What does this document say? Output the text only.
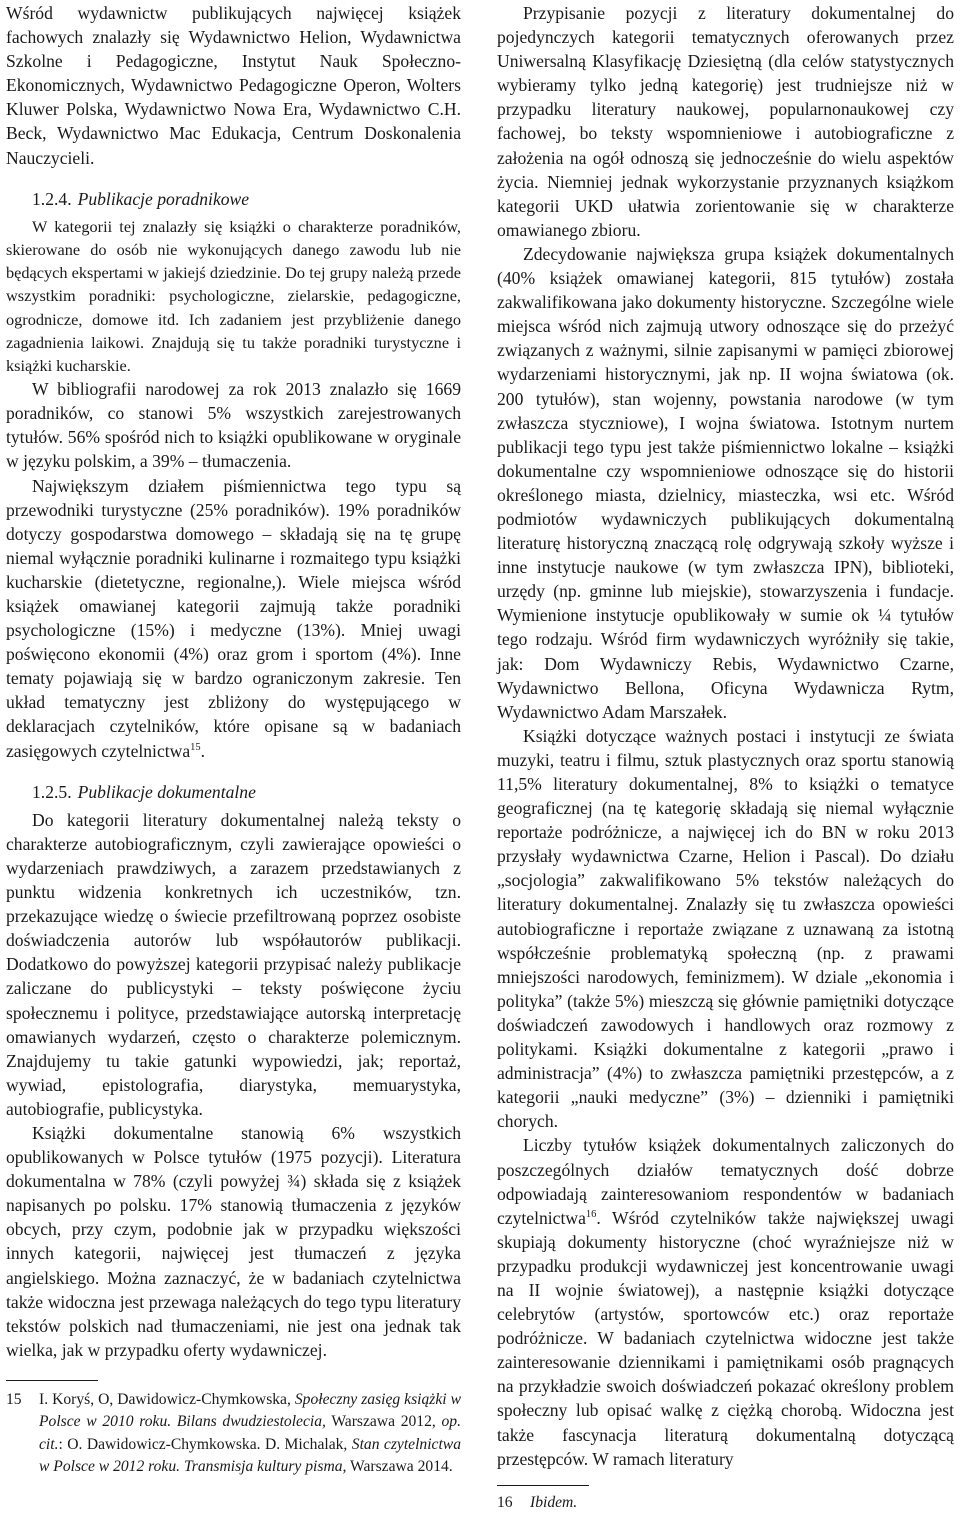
Wśród wydawnictw publikujących najwięcej książek fachowych znalazły się Wydawnictwo Helion, Wydawnictwa Szkolne i Pedagogiczne, Instytut Nauk Społeczno-Ekonomicznych, Wydawnictwo Pedagogiczne Operon, Wolters Kluwer Polska, Wydawnictwo Nowa Era, Wydawnictwo C.H. Beck, Wydawnictwo Mac Edukacja, Centrum Doskonalenia Nauczycieli.

1.2.4. Publikacje poradnikowe

W kategorii tej znalazły się książki o charakterze poradników, skierowane do osób nie wykonujących danego zawodu lub nie będących ekspertami w jakiejś dziedzinie. Do tej grupy należą przede wszystkim poradniki: psychologiczne, zielarskie, pedagogiczne, ogrodnicze, domowe itd. Ich zadaniem jest przybliżenie danego zagadnienia laikowi. Znajdują się tu także poradniki turystyczne i książki kucharskie.

W bibliografii narodowej za rok 2013 znalazło się 1669 poradników, co stanowi 5% wszystkich zarejestrowanych tytułów. 56% spośród nich to książki opublikowane w oryginale w języku polskim, a 39% – tłumaczenia.

Największym działem piśmiennictwa tego typu są przewodniki turystyczne (25% poradników). 19% poradników dotyczy gospodarstwa domowego – składają się na tę grupę niemal wyłącznie poradniki kulinarne i rozmaitego typu książki kucharskie (dietetyczne, regionalne,). Wiele miejsca wśród książek omawianej kategorii zajmują także poradniki psychologiczne (15%) i medyczne (13%). Mniej uwagi poświęcono ekonomii (4%) oraz grom i sportom (4%). Inne tematy pojawiają się w bardzo ograniczonym zakresie. Ten układ tematyczny jest zbliżony do występującego w deklaracjach czytelników, które opisane są w badaniach zasięgowych czytelnictwa$^{15}$.

1.2.5. Publikacje dokumentalne

Do kategorii literatury dokumentalnej należą teksty o charakterze autobiograficznym, czyli zawierające opowieści o wydarzeniach prawdziwych, a zarazem przedstawianych z punktu widzenia konkretnych ich uczestników, tzn. przekazujące wiedzę o świecie przefiltrowaną poprzez osobiste doświadczenia autorów lub współautorów publikacji. Dodatkowo do powyższej kategorii przypisać należy publikacje zaliczane do publicystyki – teksty poświęcone życiu społecznemu i polityce, przedstawiające autorską interpretację omawianych wydarzeń, często o charakterze polemicznym. Znajdujemy tu takie gatunki wypowiedzi, jak; reportaż, wywiad, epistolografia, diarystyka, memuarystyka, autobiografie, publicystyka.

Książki dokumentalne stanowią 6% wszystkich opublikowanych w Polsce tytułów (1975 pozycji). Literatura dokumentalna w 78% (czyli powyżej ¾) składa się z książek napisanych po polsku. 17% stanowią tłumaczenia z języków obcych, przy czym, podobnie jak w przypadku większości innych kategorii, najwięcej jest tłumaczeń z języka angielskiego. Można zaznaczyć, że w badaniach czytelnictwa także widoczna jest przewaga należących do tego typu literatury tekstów polskich nad tłumaczeniami, nie jest ona jednak tak wielka, jak w przypadku oferty wydawniczej.

15 I. Koryś, O, Dawidowicz-Chymkowska, Społeczny zasięg książki w Polsce w 2010 roku. Bilans dwudziestolecia, Warszawa 2012, op. cit.: O. Dawidowicz-Chymkowska. D. Michalak, Stan czytelnictwa w Polsce w 2012 roku. Transmisja kultury pisma, Warszawa 2014.

Przypisanie pozycji z literatury dokumentalnej do pojedynczych kategorii tematycznych oferowanych przez Uniwersalną Klasyfikację Dziesiętną (dla celów statystycznych wybieramy tylko jedną kategorię) jest trudniejsze niż w przypadku literatury naukowej, popularnonaukowej czy fachowej, bo teksty wspomnieniowe i autobiograficzne z założenia na ogół odnoszą się jednocześnie do wielu aspektów życia. Niemniej jednak wykorzystanie przyznanych książkom kategorii UKD ułatwia zorientowanie się w charakterze omawianego zbioru.

Zdecydowanie największa grupa książek dokumentalnych (40% książek omawianej kategorii, 815 tytułów) została zakwalifikowana jako dokumenty historyczne. Szczególne wiele miejsca wśród nich zajmują utwory odnoszące się do przeżyć związanych z ważnymi, silnie zapisanymi w pamięci zbiorowej wydarzeniami historycznymi, jak np. II wojna światowa (ok. 200 tytułów), stan wojenny, powstania narodowe (w tym zwłaszcza styczniowe), I wojna światowa. Istotnym nurtem publikacji tego typu jest także piśmiennictwo lokalne – książki dokumentalne czy wspomnieniowe odnoszące się do historii określonego miasta, dzielnicy, miasteczka, wsi etc. Wśród podmiotów wydawniczych publikujących dokumentalną literaturę historyczną znaczącą rolę odgrywają szkoły wyższe i inne instytucje naukowe (w tym zwłaszcza IPN), biblioteki, urzędy (np. gminne lub miejskie), stowarzyszenia i fundacje. Wymienione instytucje opublikowały w sumie ok ¼ tytułów tego rodzaju. Wśród firm wydawniczych wyróżniły się takie, jak: Dom Wydawniczy Rebis, Wydawnictwo Czarne, Wydawnictwo Bellona, Oficyna Wydawnicza Rytm, Wydawnictwo Adam Marszałek.

Książki dotyczące ważnych postaci i instytucji ze świata muzyki, teatru i filmu, sztuk plastycznych oraz sportu stanowią 11,5% literatury dokumentalnej, 8% to książki o tematyce geograficznej (na tę kategorię składają się niemal wyłącznie reportaże podróżnicze, a najwięcej ich do BN w roku 2013 przysłały wydawnictwa Czarne, Helion i Pascal). Do działu „socjologia” zakwalifikowano 5% tekstów należących do literatury dokumentalnej. Znalazły się tu zwłaszcza opowieści autobiograficzne i reportaże związane z uznawaną za istotną współcześnie problematyką społeczną (np. z prawami mniejszości narodowych, feminizmem). W dziale „ekonomia i polityka” (także 5%) mieszczą się głównie pamiętniki dotyczące doświadczeń zawodowych i handlowych oraz rozmowy z politykami. Książki dokumentalne z kategorii „prawo i administracja” (4%) to zwłaszcza pamiętniki przestępców, a z kategorii „nauki medyczne” (3%) – dzienniki i pamiętniki chorych.

Liczby tytułów książek dokumentalnych zaliczonych do poszczególnych działów tematycznych dość dobrze odpowiadają zainteresowaniom respondentów w badaniach czytelnictwa$^{16}$. Wśród czytelników także największej uwagi skupiają dokumenty historyczne (choć wyraźniejsze niż w przypadku produkcji wydawniczej jest koncentrowanie uwagi na II wojnie światowej), a następnie książki dotyczące celebrytów (artystów, sportowców etc.) oraz reportaże podróżnicze. W badaniach czytelnictwa widoczne jest także zainteresowanie dziennikami i pamiętnikami osób pragnących na przykładzie swoich doświadczeń pokazać określony problem społeczny lub opisać walkę z ciężką chorobą. Widoczna jest także fascynacja literaturą dokumentalną dotyczącą przestępców. W ramach literatury

16 Ibidem.
